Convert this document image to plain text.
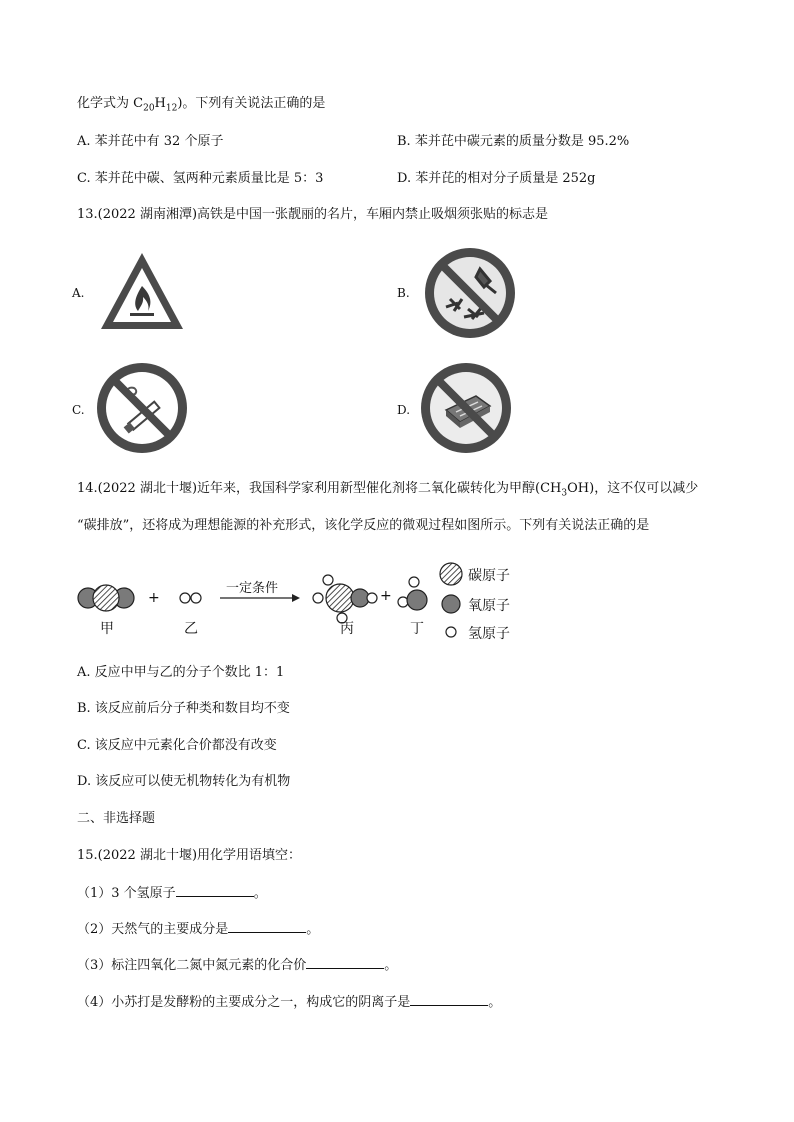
化学式为 $C_{20}H_{12}$)。下列有关说法正确的是
A. 苯并芘中有 32 个原子	B. 苯并芘中碳元素的质量分数是 95.2%
C. 苯并芘中碳、氢两种元素质量比是 5：3	D. 苯并芘的相对分子质量是 252g
13.(2022 湖南湘潭)高铁是中国一张靓丽的名片，车厢内禁止吸烟须张贴的标志是
A.	B.
C.	D.
14.(2022 湖北十堰)近年来，我国科学家利用新型催化剂将二氧化碳转化为甲醇$(CH_3OH)$，这不仅可以减少
“碳排放”，还将成为理想能源的补充形式，该化学反应的微观过程如图所示。下列有关说法正确的是
+	+
一定条件
甲	乙	丙	丁
碳原子
氧原子
氢原子
A. 反应中甲与乙的分子个数比 1：1
B. 该反应前后分子种类和数目均不变
C. 该反应中元素化合价都没有改变
D. 该反应可以使无机物转化为有机物
二、非选择题
15.(2022 湖北十堰)用化学用语填空：
（1）3 个氢原子	。
（2）天然气的主要成分是	。
（3）标注四氧化二氮中氮元素的化合价	。
（4）小苏打是发酵粉的主要成分之一，构成它的阴离子是	。
